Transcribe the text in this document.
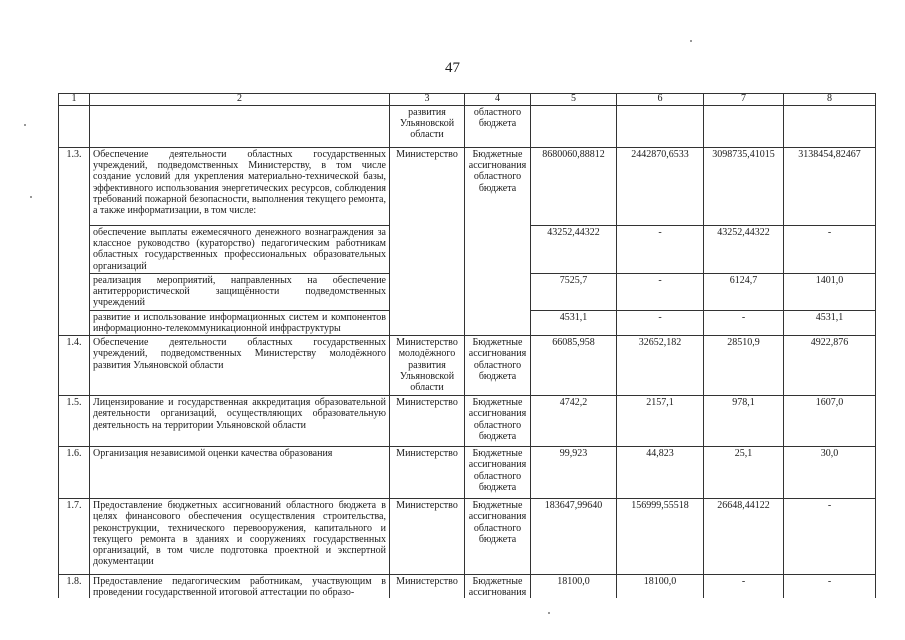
47
1	2	3	4	5	6	7	8
		развития Ульяновской области	областного бюджета				
1.3.	Обеспечение деятельности областных государственных учреждений, подведомственных Министерству, в том числе создание условий для укрепления материально-технической базы, эффективного использования энергетических ресурсов, соблюдения требований пожарной безопасности, выполнения текущего ремонта, а также информатизации, в том числе:	Министерство	Бюджетные ассигнования областного бюджета	8680060,88812	2442870,6533	3098735,41015	3138454,82467
	обеспечение выплаты ежемесячного денежного вознаграждения за классное руководство (кураторство) педагогическим работникам областных государственных профессиональных образовательных организаций			43252,44322	-	43252,44322	-
	реализация мероприятий, направленных на обеспечение антитеррористической защищённости подведомственных учреждений			7525,7	-	6124,7	1401,0
	развитие и использование информационных систем и компонентов информационно-телекоммуникационной инфраструктуры			4531,1	-	-	4531,1
1.4.	Обеспечение деятельности областных государственных учреждений, подведомственных Министерству молодёжного развития Ульяновской области	Министерство молодёжного развития Ульяновской области	Бюджетные ассигнования областного бюджета	66085,958	32652,182	28510,9	4922,876
1.5.	Лицензирование и государственная аккредитация образовательной деятельности организаций, осуществляющих образовательную деятельность на территории Ульяновской области	Министерство	Бюджетные ассигнования областного бюджета	4742,2	2157,1	978,1	1607,0
1.6.	Организация независимой оценки качества образования	Министерство	Бюджетные ассигнования областного бюджета	99,923	44,823	25,1	30,0
1.7.	Предоставление бюджетных ассигнований областного бюджета в целях финансового обеспечения осуществления строительства, реконструкции, технического перевооружения, капитального и текущего ремонта в зданиях и сооружениях государственных организаций, в том числе подготовка проектной и экспертной документации	Министерство	Бюджетные ассигнования областного бюджета	183647,99640	156999,55518	26648,44122	-
1.8.	Предоставление педагогическим работникам, участвующим в проведении государственной итоговой аттестации по образо-	Министерство	Бюджетные ассигнования	18100,0	18100,0	-	-
